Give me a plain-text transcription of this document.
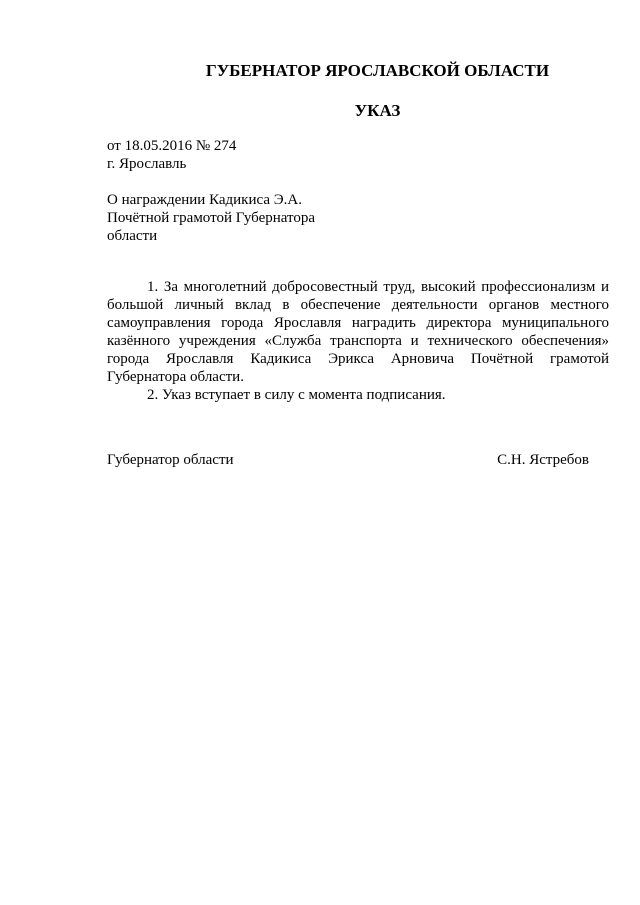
ГУБЕРНАТОР ЯРОСЛАВСКОЙ ОБЛАСТИ
УКАЗ
от 18.05.2016 № 274
г. Ярославль
О награждении Кадикиса Э.А.
Почётной грамотой Губернатора
области

1. За многолетний добросовестный труд, высокий профессионализм и большой личный вклад в обеспечение деятельности органов местного самоуправления города Ярославля наградить директора муниципального казённого учреждения «Служба транспорта и технического обеспечения» города Ярославля Кадикиса Эрикса Арновича Почётной грамотой Губернатора области.

2. Указ вступает в силу с момента подписания.

Губернатор области	С.Н. Ястребов
